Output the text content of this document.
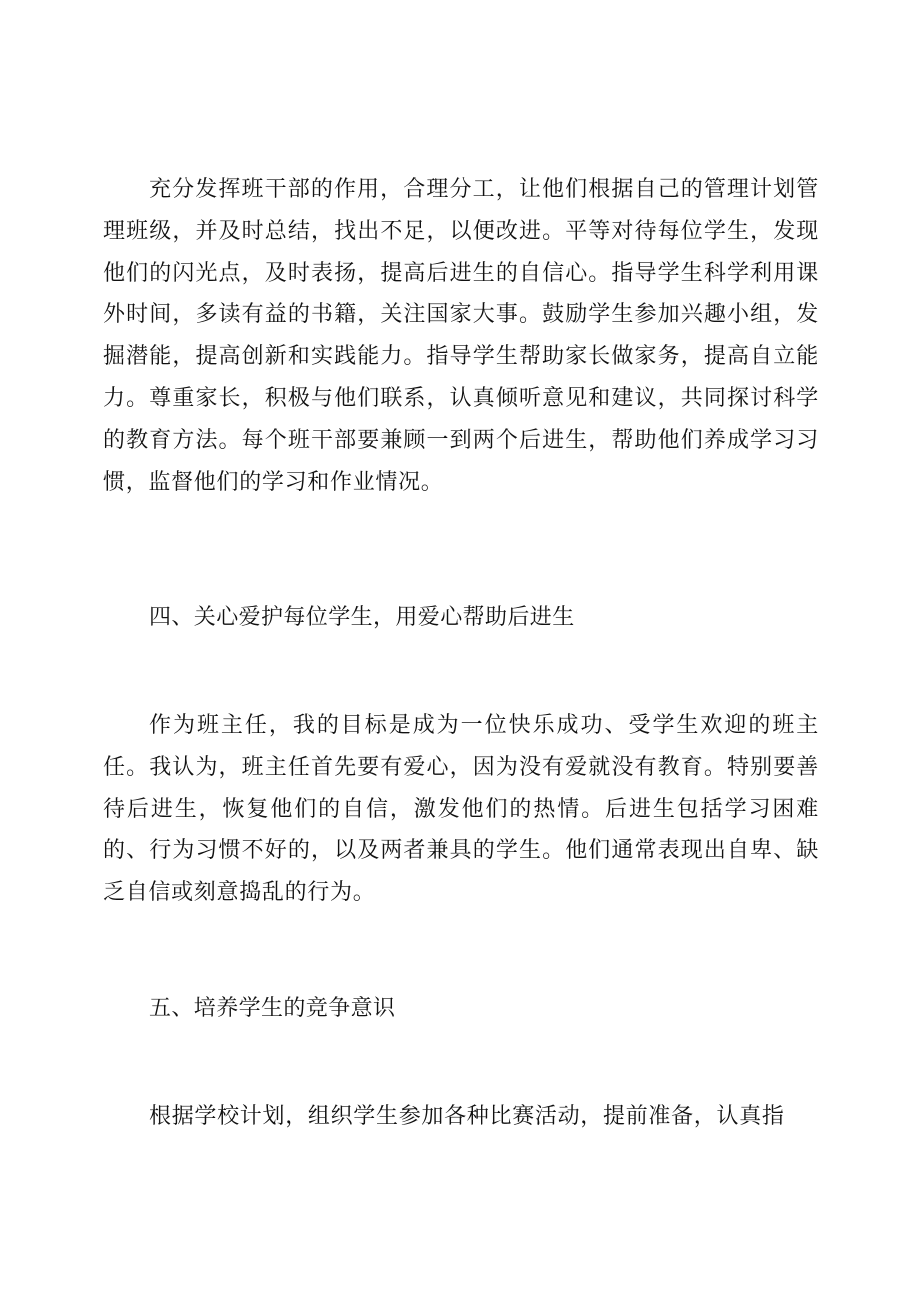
充分发挥班干部的作用，合理分工，让他们根据自己的管理计划管理班级，并及时总结，找出不足，以便改进。平等对待每位学生，发现他们的闪光点，及时表扬，提高后进生的自信心。指导学生科学利用课外时间，多读有益的书籍，关注国家大事。鼓励学生参加兴趣小组，发掘潜能，提高创新和实践能力。指导学生帮助家长做家务，提高自立能力。尊重家长，积极与他们联系，认真倾听意见和建议，共同探讨科学的教育方法。每个班干部要兼顾一到两个后进生，帮助他们养成学习习惯，监督他们的学习和作业情况。

四、关心爱护每位学生，用爱心帮助后进生

作为班主任，我的目标是成为一位快乐成功、受学生欢迎的班主任。我认为，班主任首先要有爱心，因为没有爱就没有教育。特别要善待后进生，恢复他们的自信，激发他们的热情。后进生包括学习困难的、行为习惯不好的，以及两者兼具的学生。他们通常表现出自卑、缺乏自信或刻意捣乱的行为。

五、培养学生的竞争意识

根据学校计划，组织学生参加各种比赛活动，提前准备，认真指
